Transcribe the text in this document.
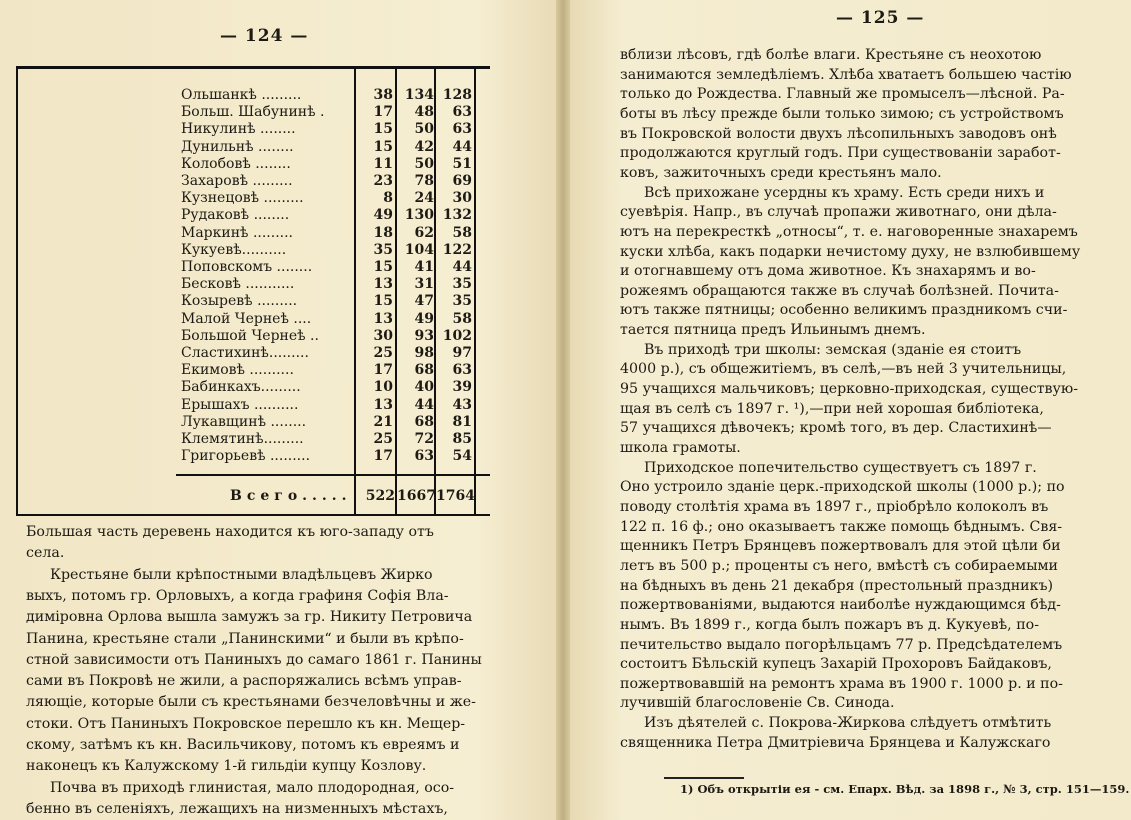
— 124 —
— 125 —
Ольшанкѣ .........	38 134 128
Больш. Шабунинѣ .	17	48	63
Никулинѣ ........	15	50	63
Дунильнѣ ........	15	42	44
Колобовѣ ........	11	50	51
Захаровѣ .........	23	78	69
Кузнецовѣ .........	8	24	30
Рудаковѣ ........	49 130 132
Маркинѣ .........	18	62	58
Кукуевѣ..........	35 104 122
Поповскомъ ........	15	41	44
Бесковѣ ...........	13	31	35
Козыревѣ .........	15	47	35
Малой Чернеѣ ....	13	49	58
Большой Чернеѣ ..	30	93 102
Сластихинѣ.........	25	98	97
Екимовѣ ..........	17	68	63
Бабинкахъ.........	10	40	39
Ерышахъ ..........	13	44	43
Лукавщинѣ ........	21	68	81
Клемятинѣ.........	25	72	85
Григорьевѣ .........	17	63	54
Всего.....	522 1667 1764
Большая часть деревень находится къ юго-западу отъ
села.
Крестьяне были крѣпостными владѣльцевъ Жирко
выхъ, потомъ гр. Орловыхъ, а когда графиня Софія Вла-
диміровна Орлова вышла замужъ за гр. Никиту Петровича
Панина, крестьяне стали „Панинскими“ и были въ крѣпо-
стной зависимости отъ Паниныхъ до самаго 1861 г. Панины
сами въ Покровѣ не жили, а распоряжались всѣмъ управ-
ляющіе, которые были съ крестьянами безчеловѣчны и же-
стоки. Отъ Паниныхъ Покровское перешло къ кн. Мещер-
скому, затѣмъ къ кн. Васильчикову, потомъ къ евреямъ и
наконецъ къ Калужскому 1-й гильдіи купцу Козлову.
Почва въ приходѣ глинистая, мало плодородная, осо-
бенно въ селеніяхъ, лежащихъ на низменныхъ мѣстахъ,
вблизи лѣсовъ, гдѣ болѣе влаги. Крестьяне съ неохотою
занимаются земледѣліемъ. Хлѣба хватаетъ большею частію
только до Рождества. Главный же промыселъ—лѣсной. Ра-
боты въ лѣсу прежде были только зимою; съ устройствомъ
въ Покровской волости двухъ лѣсопильныхъ заводовъ онѣ
продолжаются круглый годъ. При существованіи заработ-
ковъ, зажиточныхъ среди крестьянъ мало.
Всѣ прихожане усердны къ храму. Есть среди нихъ и
суевѣрія. Напр., въ случаѣ пропажи животнаго, они дѣла-
ютъ на перекресткѣ „относы“, т. е. наговоренные знахаремъ
куски хлѣба, какъ подарки нечистому духу, не взлюбившему
и отогнавшему отъ дома животное. Къ знахарямъ и во-
рожеямъ обращаются также въ случаѣ болѣзней. Почита-
ютъ также пятницы; особенно великимъ праздникомъ счи-
тается пятница предъ Ильинымъ днемъ.
Въ приходѣ три школы: земская (зданіе ея стоитъ
4000 р.), съ общежитіемъ, въ селѣ,—въ ней 3 учительницы,
95 учащихся мальчиковъ; церковно-приходская, существую-
щая въ селѣ съ 1897 г. ¹),—при ней хорошая библіотека,
57 учащихся дѣвочекъ; кромѣ того, въ дер. Сластихинѣ—
школа грамоты.
Приходское попечительство существуетъ съ 1897 г.
Оно устроило зданіе церк.-приходской школы (1000 р.); по
поводу столѣтія храма въ 1897 г., пріобрѣло колоколъ въ
122 п. 16 ф.; оно оказываетъ также помощь бѣднымъ. Свя-
щенникъ Петръ Брянцевъ пожертвовалъ для этой цѣли би
летъ въ 500 р.; проценты съ него, вмѣстѣ съ собираемыми
на бѣдныхъ въ день 21 декабря (престольный праздникъ)
пожертвованіями, выдаются наиболѣе нуждающимся бѣд-
нымъ. Въ 1899 г., когда былъ пожаръ въ д. Кукуевѣ, по-
печительство выдало погорѣльцамъ 77 р. Предсѣдателемъ
состоитъ Бѣльскій купецъ Захарій Прохоровъ Байдаковъ,
пожертвовавшій на ремонтъ храма въ 1900 г. 1000 р. и по-
лучившій благословеніе Св. Синода.
Изъ дѣятелей с. Покрова-Жиркова слѣдуетъ отмѣтить
священника Петра Дмитріевича Брянцева и Калужскаго
1) Объ открытіи ея - см. Епарх. Вѣд. за 1898 г., № 3, стр. 151—159.
